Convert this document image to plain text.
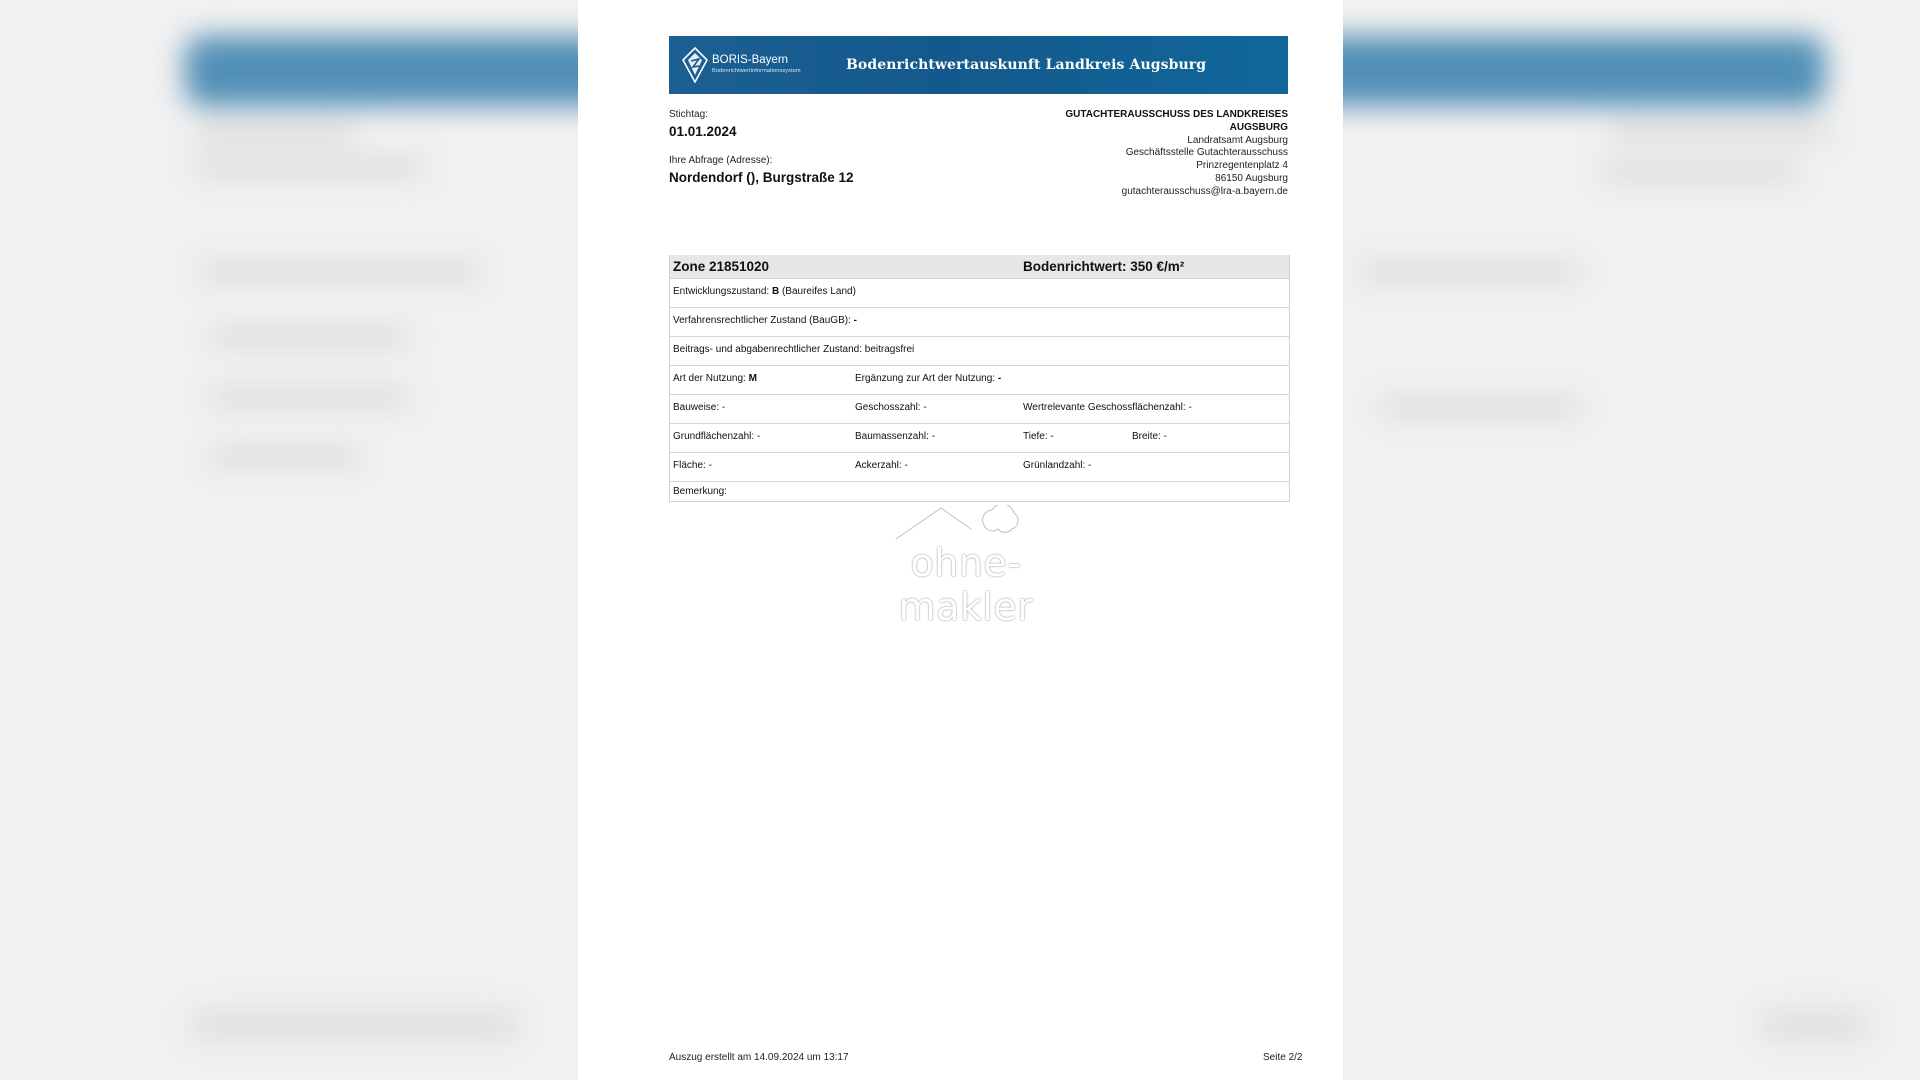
BORIS-Bayern
Bodenrichtwertinformationssystem	Bodenrichtwertauskunft Landkreis Augsburg
Stichtag:
01.01.2024
Ihre Abfrage (Adresse):
Nordendorf (), Burgstraße 12
GUTACHTERAUSSCHUSS DES LANDKREISES
AUGSBURG
Landratsamt Augsburg
Geschäftsstelle Gutachterausschuss
Prinzregentenplatz 4
86150 Augsburg
gutachterausschuss@lra-a.bayern.de
Zone 21851020	Bodenrichtwert: 350 €/m²
Entwicklungszustand: B (Baureifes Land)
Verfahrensrechtlicher Zustand (BauGB): -
Beitrags- und abgabenrechtlicher Zustand: beitragsfrei
Art der Nutzung: M	Ergänzung zur Art der Nutzung: -
Bauweise: -	Geschosszahl: -	Wertrelevante Geschossflächenzahl: -
Grundflächenzahl: -	Baumassenzahl: -	Tiefe: -	Breite: -
Fläche: -	Ackerzahl: -	Grünlandzahl: -
Bemerkung:
Auszug erstellt am 14.09.2024 um 13:17	Seite 2/2
ohne-makler
